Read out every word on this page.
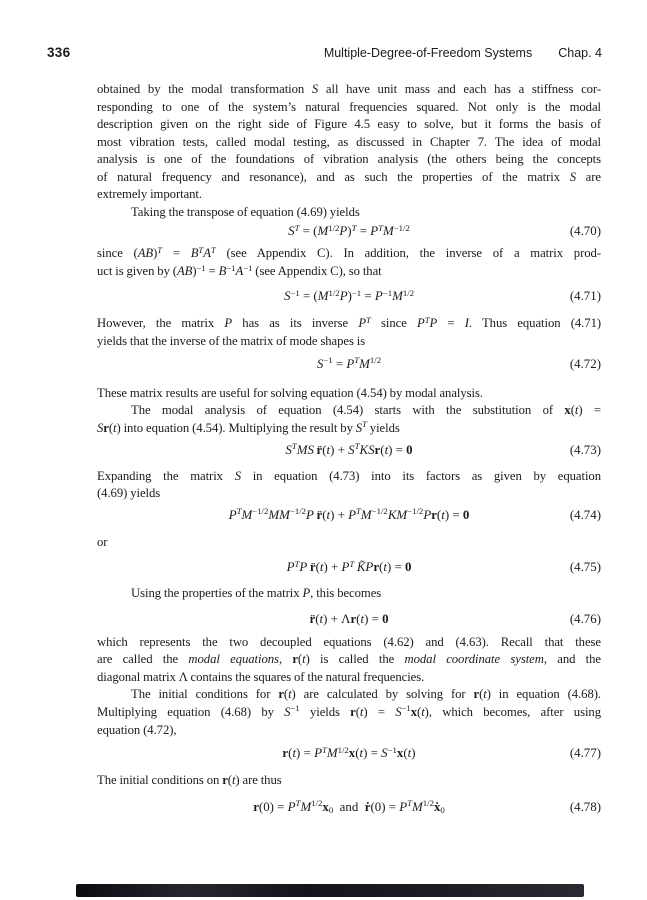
336	Multiple-Degree-of-Freedom Systems Chap. 4
obtained by the modal transformation S all have unit mass and each has a stiffness cor-
responding to one of the system’s natural frequencies squared. Not only is the modal
description given on the right side of Figure 4.5 easy to solve, but it forms the basis of
most vibration tests, called modal testing, as discussed in Chapter 7. The idea of modal
analysis is one of the foundations of vibration analysis (the others being the concepts
of natural frequency and resonance), and as such the properties of the matrix S are
extremely important.
Taking the transpose of equation (4.69) yields
$S^T = (M^{1/2}P)^T = P^TM^{-1/2}$	(4.70)
since $(AB)^T = B^TA^T$ (see Appendix C). In addition, the inverse of a matrix prod-
uct is given by $(AB)^{-1} = B^{-1}A^{-1}$ (see Appendix C), so that
$S^{-1} = (M^{1/2}P)^{-1} = P^{-1}M^{1/2}$	(4.71)
However, the matrix P has as its inverse $P^T$ since $P^TP = I$. Thus equation (4.71)
yields that the inverse of the matrix of mode shapes is
$S^{-1} = P^TM^{1/2}$	(4.72)
These matrix results are useful for solving equation (4.54) by modal analysis.
The modal analysis of equation (4.54) starts with the substitution of x(t) =
Sr(t) into equation (4.54). Multiplying the result by $S^T$ yields
$S^TMS$  r̈(t) + $S^TKSr(t) = 0$	(4.73)
Expanding the matrix S in equation (4.73) into its factors as given by equation
(4.69) yields
$P^TM^{-1/2}MM^{-1/2}P$  r̈(t) + $P^TM^{-1/2}KM^{-1/2}Pr(t) = 0$	(4.74)
or
$P^TP$  r̈(t) + $P^T$  K̃Pr(t) = 0	(4.75)
Using the properties of the matrix P, this becomes
r̈(t) + Λr(t) = 0	(4.76)
which represents the two decoupled equations (4.62) and (4.63). Recall that these
are called the modal equations, r(t) is called the modal coordinate system, and the
diagonal matrix Λ contains the squares of the natural frequencies.
The initial conditions for r(t) are calculated by solving for r(t) in equation (4.68).
Multiplying equation (4.68) by $S^{-1}$ yields $r(t) = S^{-1}x(t)$, which becomes, after using
equation (4.72),
$r(t) = P^TM^{1/2}x(t) = S^{-1}x(t)$	(4.77)
The initial conditions on r(t) are thus
$r(0) = P^TM^{1/2}x0$ and ṙ(0) = $P^TM^{1/2}ẋ0$	(4.78)
